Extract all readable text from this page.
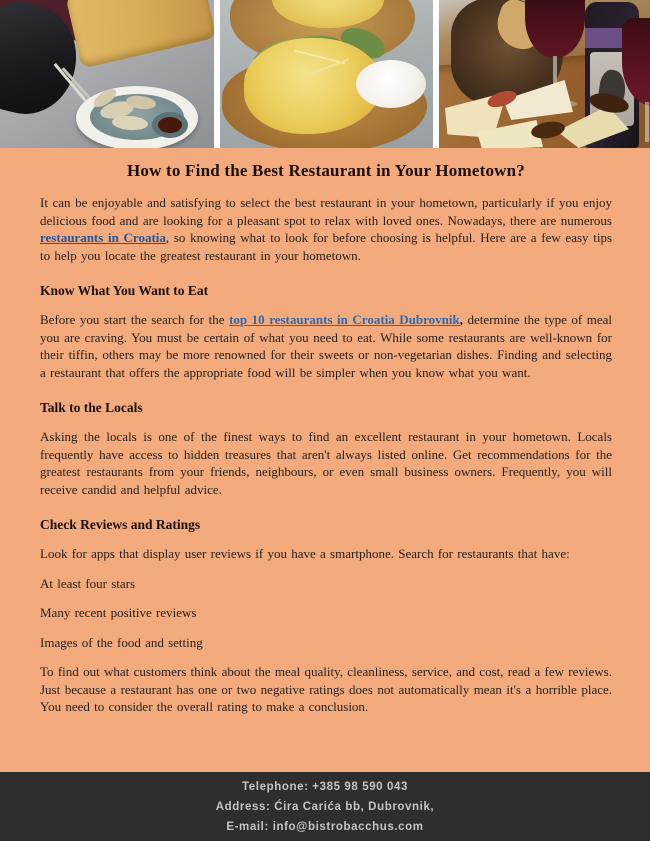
How to Find the Best Restaurant in Your Hometown?

It can be enjoyable and satisfying to select the best restaurant in your hometown, particularly if you enjoy delicious food and are looking for a pleasant spot to relax with loved ones. Nowadays, there are numerous restaurants in Croatia, so knowing what to look for before choosing is helpful. Here are a few easy tips to help you locate the greatest restaurant in your hometown.

Know What You Want to Eat

Before you start the search for the top 10 restaurants in Croatia Dubrovnik, determine the type of meal you are craving. You must be certain of what you need to eat. While some restaurants are well-known for their tiffin, others may be more renowned for their sweets or non-vegetarian dishes. Finding and selecting a restaurant that offers the appropriate food will be simpler when you know what you want.

Talk to the Locals

Asking the locals is one of the finest ways to find an excellent restaurant in your hometown. Locals frequently have access to hidden treasures that aren't always listed online. Get recommendations for the greatest restaurants from your friends, neighbours, or even small business owners. Frequently, you will receive candid and helpful advice.

Check Reviews and Ratings

Look for apps that display user reviews if you have a smartphone. Search for restaurants that have:

At least four stars

Many recent positive reviews

Images of the food and setting

To find out what customers think about the meal quality, cleanliness, service, and cost, read a few reviews. Just because a restaurant has one or two negative ratings does not automatically mean it's a horrible place. You need to consider the overall rating to make a conclusion.

Telephone: +385 98 590 043
Address: Ćira Carića bb, Dubrovnik,
E-mail: info@bistrobacchus.com
